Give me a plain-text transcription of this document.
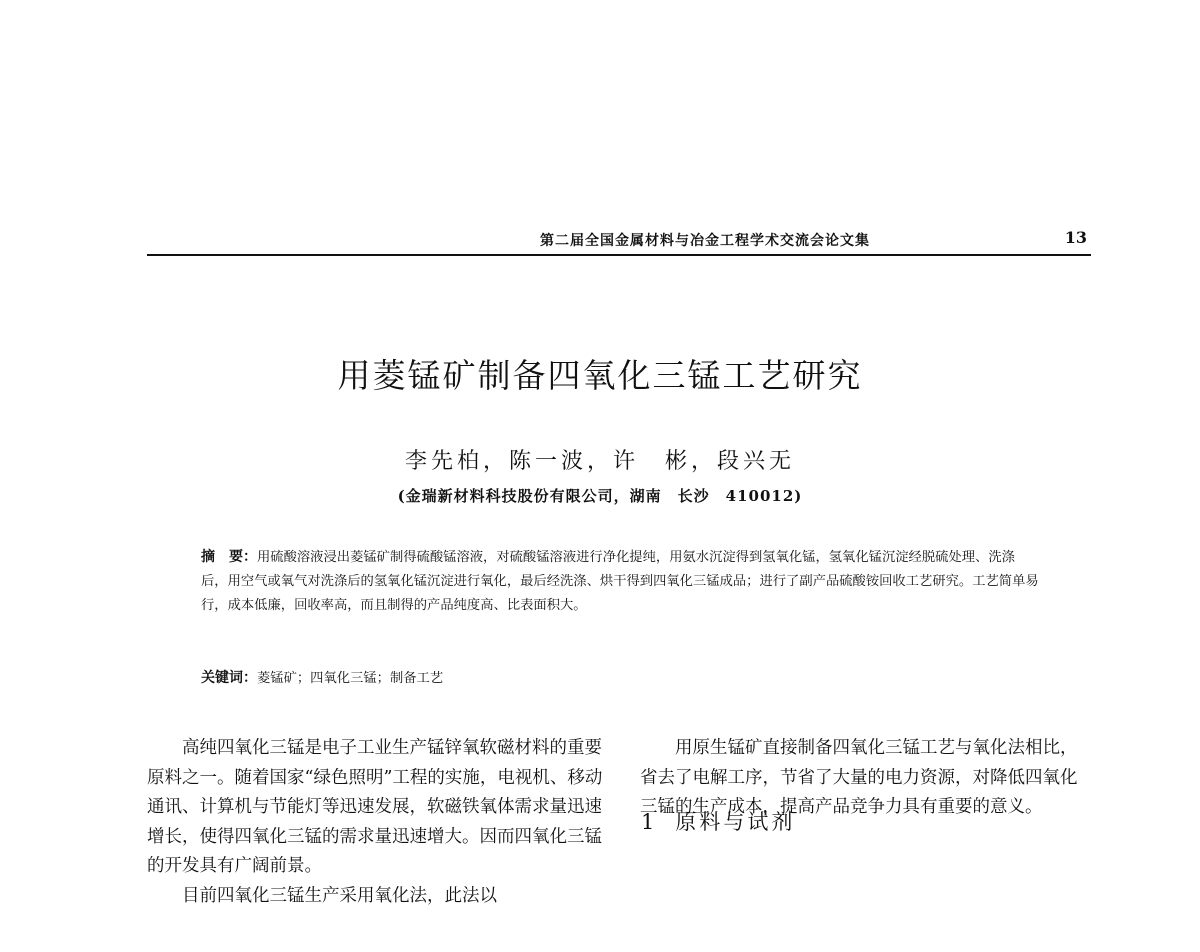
第二届全国金属材料与冶金工程学术交流会论文集	13
用菱锰矿制备四氧化三锰工艺研究
李先柏，陈一波，许　彬，段兴无
(金瑞新材料科技股份有限公司，湖南　长沙　410012)
摘　要：用硫酸溶液浸出菱锰矿制得硫酸锰溶液，对硫酸锰溶液进行净化提纯，用氨水沉淀得到氢氧化锰，氢氧化锰沉淀经脱硫处理、洗涤后，用空气或氧气对洗涤后的氢氧化锰沉淀进行氧化，最后经洗涤、烘干得到四氧化三锰成品；进行了副产品硫酸铵回收工艺研究。工艺简单易行，成本低廉，回收率高，而且制得的产品纯度高、比表面积大。
关键词：菱锰矿；四氧化三锰；制备工艺

高纯四氧化三锰是电子工业生产锰锌氧软磁材料的重要原料之一。随着国家“绿色照明”工程的实施，电视机、移动通讯、计算机与节能灯等迅速发展，软磁铁氧体需求量迅速增长，使得四氧化三锰的需求量迅速增大。因而四氧化三锰的开发具有广阔前景。

目前四氧化三锰生产采用氧化法，此法以

用原生锰矿直接制备四氧化三锰工艺与氧化法相比，省去了电解工序，节省了大量的电力资源，对降低四氧化三锰的生产成本，提高产品竞争力具有重要的意义。

1 原料与试剂
